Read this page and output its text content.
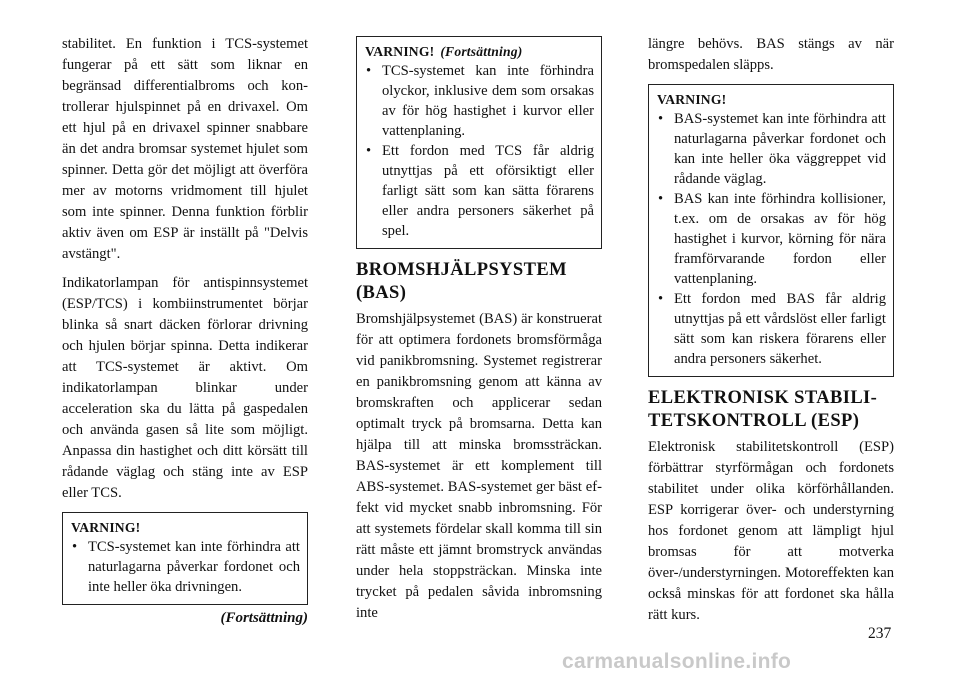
stabilitet. En funktion i TCS-systemet fungerar på ett sätt som liknar en begränsad differentialbroms och kontrollerar hjulspinnet på en drivaxel. Om ett hjul på en drivaxel spinner snabbare än det andra bromsar systemet hjulet som spinner. Detta gör det möjligt att överföra mer av motorns vridmoment till hjulet som inte spinner. Denna funktion förblir aktiv även om ESP är inställt på "Delvis avstängt".

Indikatorlampan för antispinnsystemet (ESP/TCS) i kombiinstrumentet börjar blinka så snart däcken förlorar drivning och hjulen börjar spinna. Detta indikerar att TCS-systemet är aktivt. Om indikatorlampan blinkar under acceleration ska du lätta på gaspedalen och använda gasen så lite som möjligt. Anpassa din hastighet och ditt körsätt till rådande väglag och stäng inte av ESP eller TCS.

VARNING!
• TCS-systemet kan inte förhindra att naturlagarna påverkar fordonet och inte heller öka drivningen.
(Fortsättning)
VARNING! (Fortsättning)
• TCS-systemet kan inte förhindra olyckor, inklusive dem som orsakas av för hög hastighet i kurvor eller vattenplaning.
• Ett fordon med TCS får aldrig utnyttjas på ett oförsiktigt eller farligt sätt som kan sätta förarens eller andra personers säkerhet på spel.
BROMSHJÄLPSYSTEM (BAS)

Bromshjälpsystemet (BAS) är konstruerat för att optimera fordonets bromsförmåga vid panikbromsning. Systemet registrerar en panikbromsning genom att känna av bromskraften och applicerar sedan optimalt tryck på bromsarna. Detta kan hjälpa till att minska bromssträckan. BAS-systemet är ett komplement till ABS-systemet. BAS-systemet ger bäst effekt vid mycket snabb inbromsning. För att systemets fördelar skall komma till sin rätt måste ett jämnt bromstryck användas under hela stoppsträckan. Minska inte trycket på pedalen såvida inbromsning inte

längre behövs. BAS stängs av när bromspedalen släpps.

VARNING!
• BAS-systemet kan inte förhindra att naturlagarna påverkar fordonet och kan inte heller öka väggreppet vid rådande väglag.
• BAS kan inte förhindra kollisioner, t.ex. om de orsakas av för hög hastighet i kurvor, körning för nära framförvarande fordon eller vattenplaning.
• Ett fordon med BAS får aldrig utnyttjas på ett vårdslöst eller farligt sätt som kan riskera förarens eller andra personers säkerhet.
ELEKTRONISK STABILITETSKONTROLL (ESP)

Elektronisk stabilitetskontroll (ESP) förbättrar styrförmågan och fordonets stabilitet under olika körförhållanden. ESP korrigerar över- och understyrning hos fordonet genom att lämpligt hjul bromsas för att motverka över-/understyrningen. Motoreffekten kan också minskas för att fordonet ska hålla rätt kurs.

237
carmanualsonline.info
